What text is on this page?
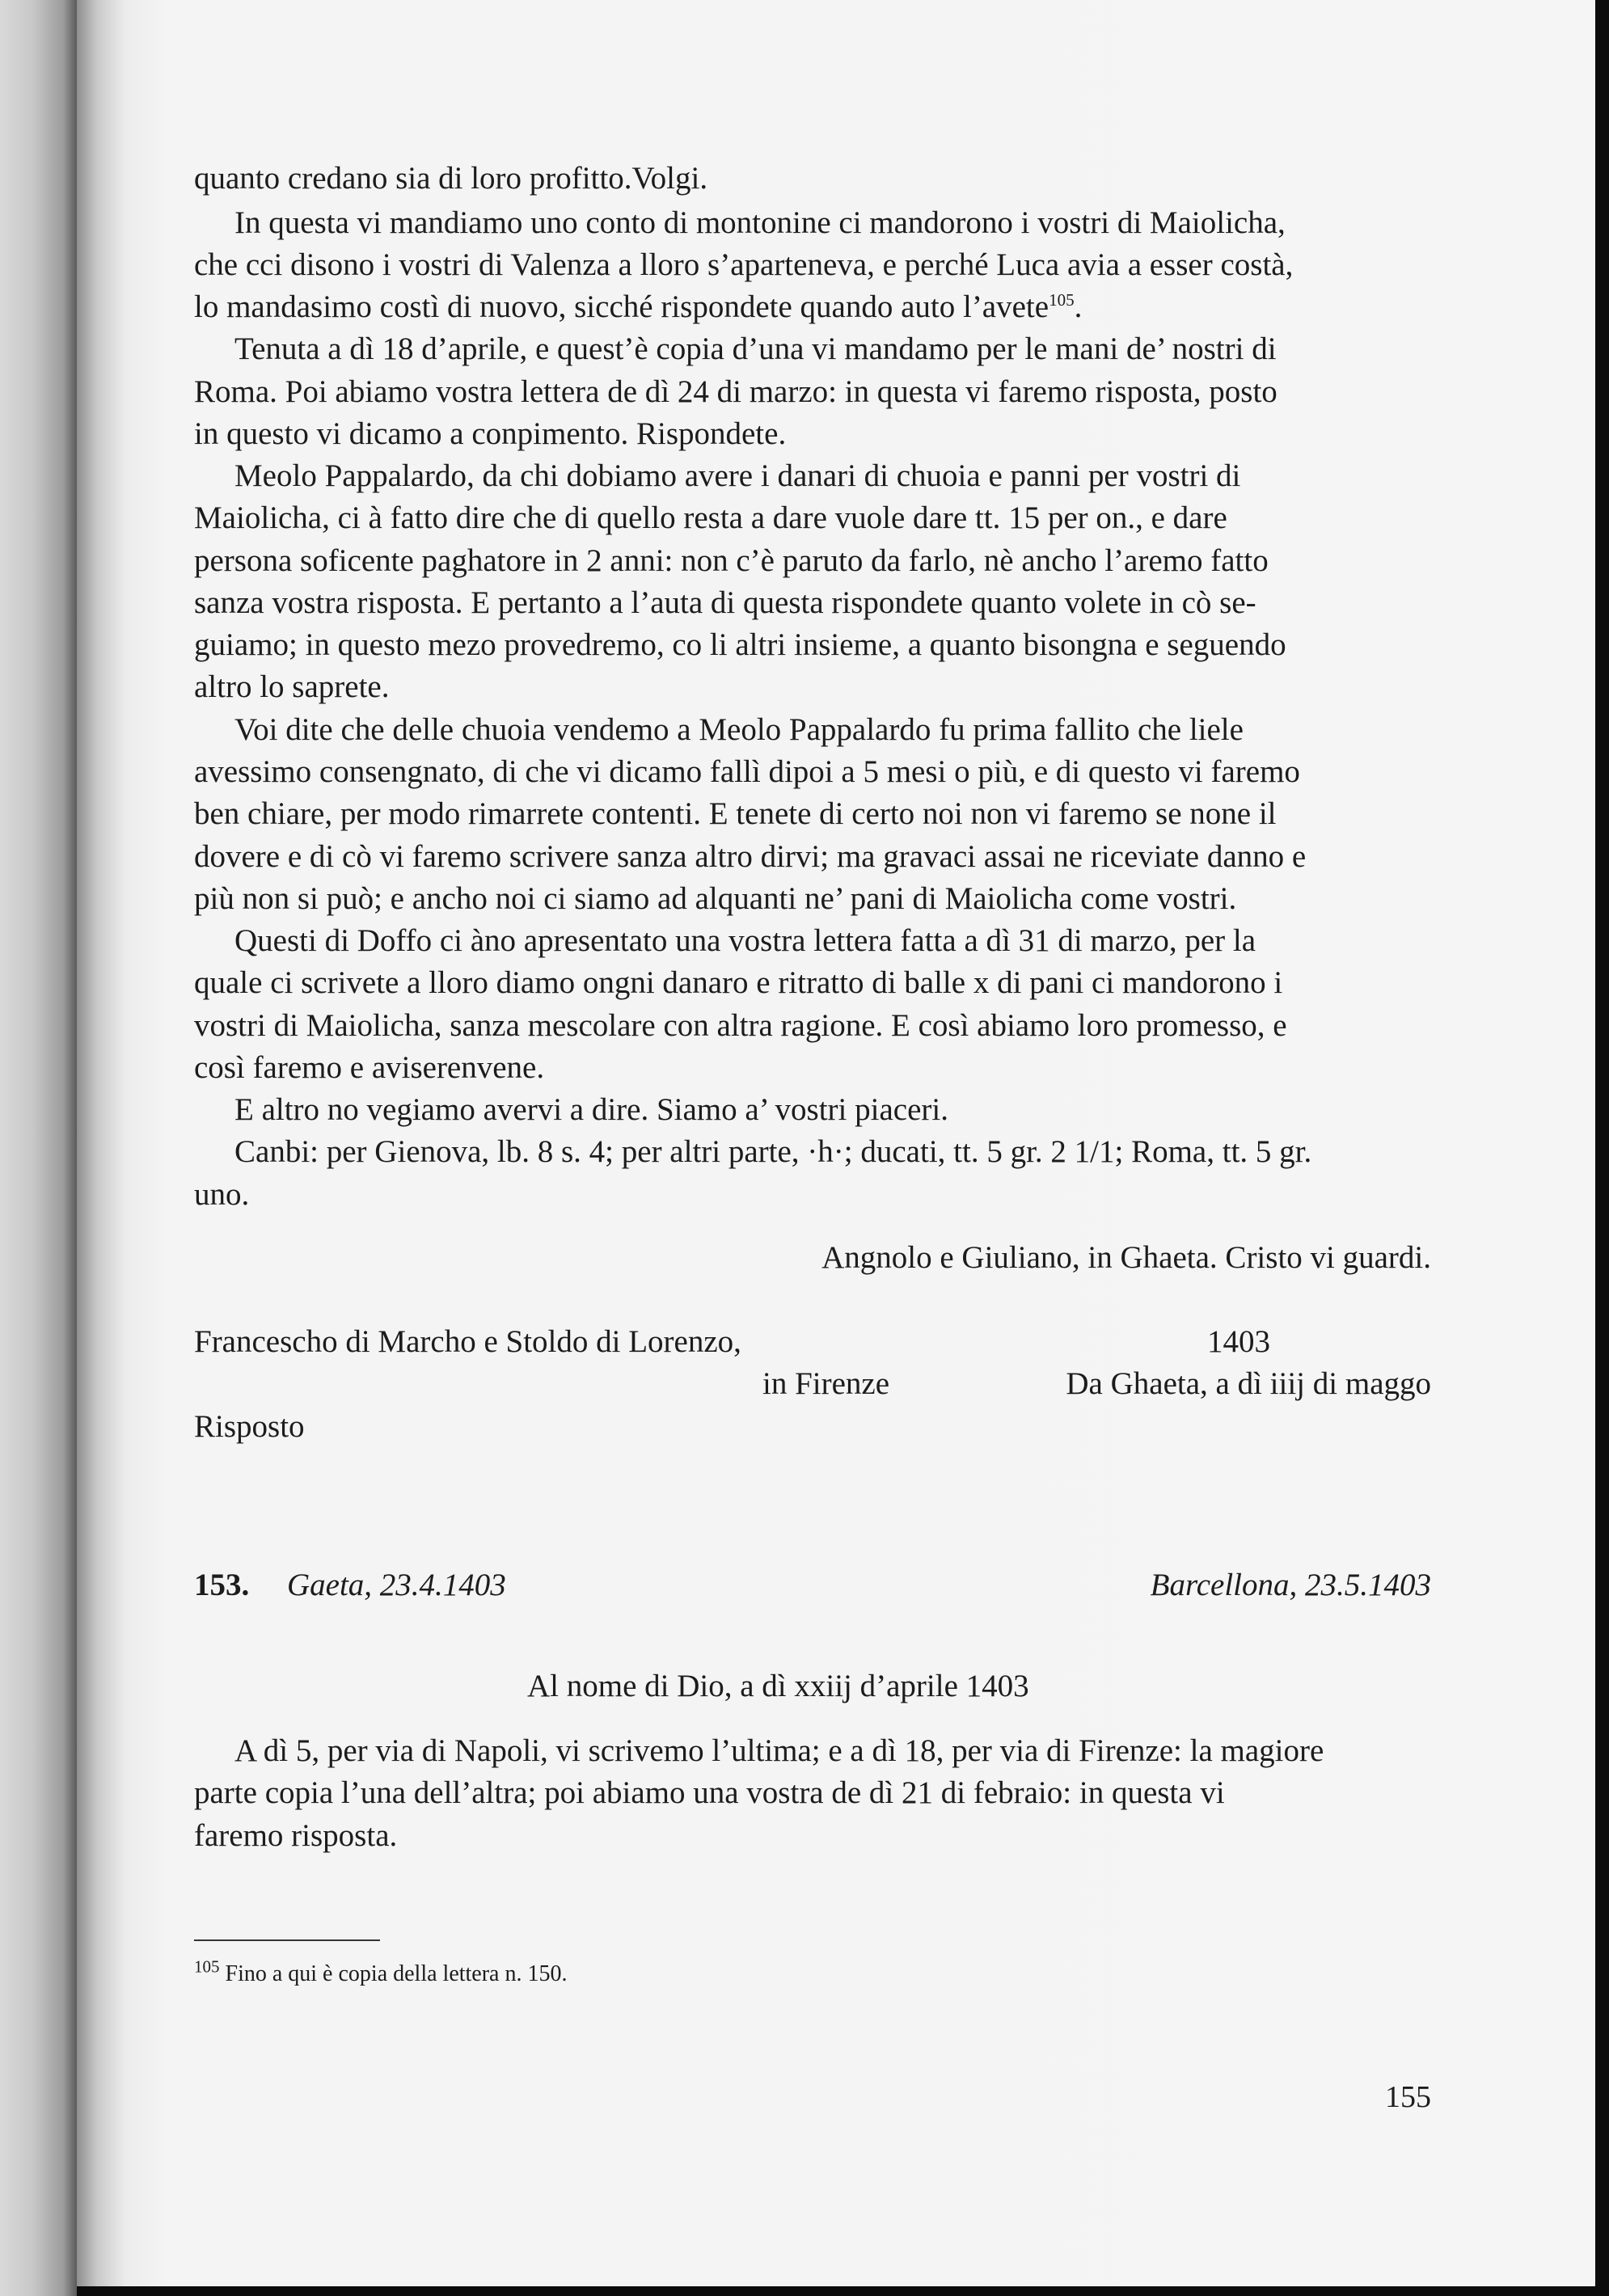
quanto credano sia di loro profitto.Volgi.

In questa vi mandiamo uno conto di montonine ci mandorono i vostri di Maiolicha,

che cci disono i vostri di Valenza a lloro s’aparteneva, e perché Luca avia a esser costà,

lo mandasimo costì di nuovo, sicché rispondete quando auto l’avete$^{105}$.

Tenuta a dì 18 d’aprile, e quest’è copia d’una vi mandamo per le mani de’ nostri di

Roma. Poi abiamo vostra lettera de dì 24 di marzo: in questa vi faremo risposta, posto

in questo vi dicamo a conpimento. Rispondete.

Meolo Pappalardo, da chi dobiamo avere i danari di chuoia e panni per vostri di

Maiolicha, ci à fatto dire che di quello resta a dare vuole dare tt. 15 per on., e dare

persona soficente paghatore in 2 anni: non c’è paruto da farlo, nè ancho l’aremo fatto

sanza vostra risposta. E pertanto a l’auta di questa rispondete quanto volete in cò se-

guiamo; in questo mezo provedremo, co li altri insieme, a quanto bisongna e seguendo

altro lo saprete.

Voi dite che delle chuoia vendemo a Meolo Pappalardo fu prima fallito che liele

avessimo consengnato, di che vi dicamo fallì dipoi a 5 mesi o più, e di questo vi faremo

ben chiare, per modo rimarrete contenti. E tenete di certo noi non vi faremo se none il

dovere e di cò vi faremo scrivere sanza altro dirvi; ma gravaci assai ne riceviate danno e

più non si può; e ancho noi ci siamo ad alquanti ne’ pani di Maiolicha come vostri.

Questi di Doffo ci àno apresentato una vostra lettera fatta a dì 31 di marzo, per la

quale ci scrivete a lloro diamo ongni danaro e ritratto di balle x di pani ci mandorono i

vostri di Maiolicha, sanza mescolare con altra ragione. E così abiamo loro promesso, e

così faremo e aviserenvene.

E altro no vegiamo avervi a dire. Siamo a’ vostri piaceri.

Canbi: per Gienova, lb. 8 s. 4; per altri parte, ·h·; ducati, tt. 5 gr. 2 1/1; Roma, tt. 5 gr.

uno.

Angnolo e Giuliano, in Ghaeta. Cristo vi guardi.

Francescho di Marcho e Stoldo di Lorenzo,	1403

in Firenze	Da Ghaeta, a dì iiij di maggo

Risposto

153. Gaeta, 23.4.1403	Barcellona, 23.5.1403

Al nome di Dio, a dì xxiij d’aprile 1403

A dì 5, per via di Napoli, vi scrivemo l’ultima; e a dì 18, per via di Firenze: la magiore

parte copia l’una dell’altra; poi abiamo una vostra de dì 21 di febraio: in questa vi

faremo risposta.

$^{105}$ Fino a qui è copia della lettera n. 150.

155
